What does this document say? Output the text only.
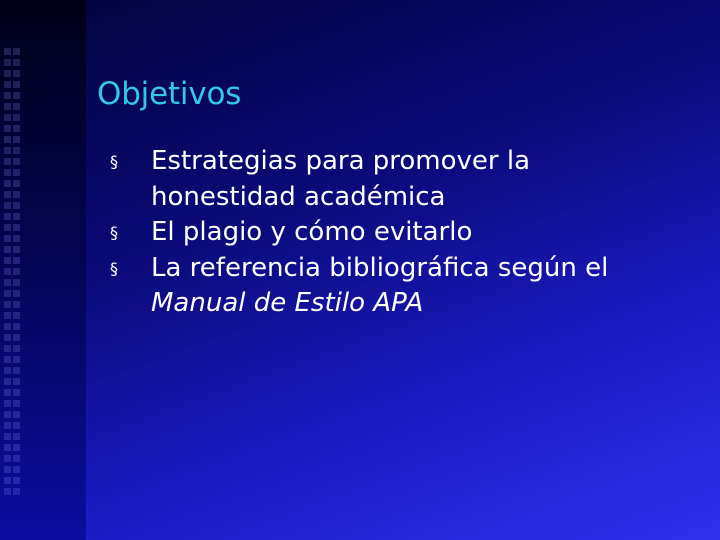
Objetivos
§ Estrategias para promover la honestidad académica
§ El plagio y cómo evitarlo
§ La referencia bibliográfica según el Manual de Estilo APA
